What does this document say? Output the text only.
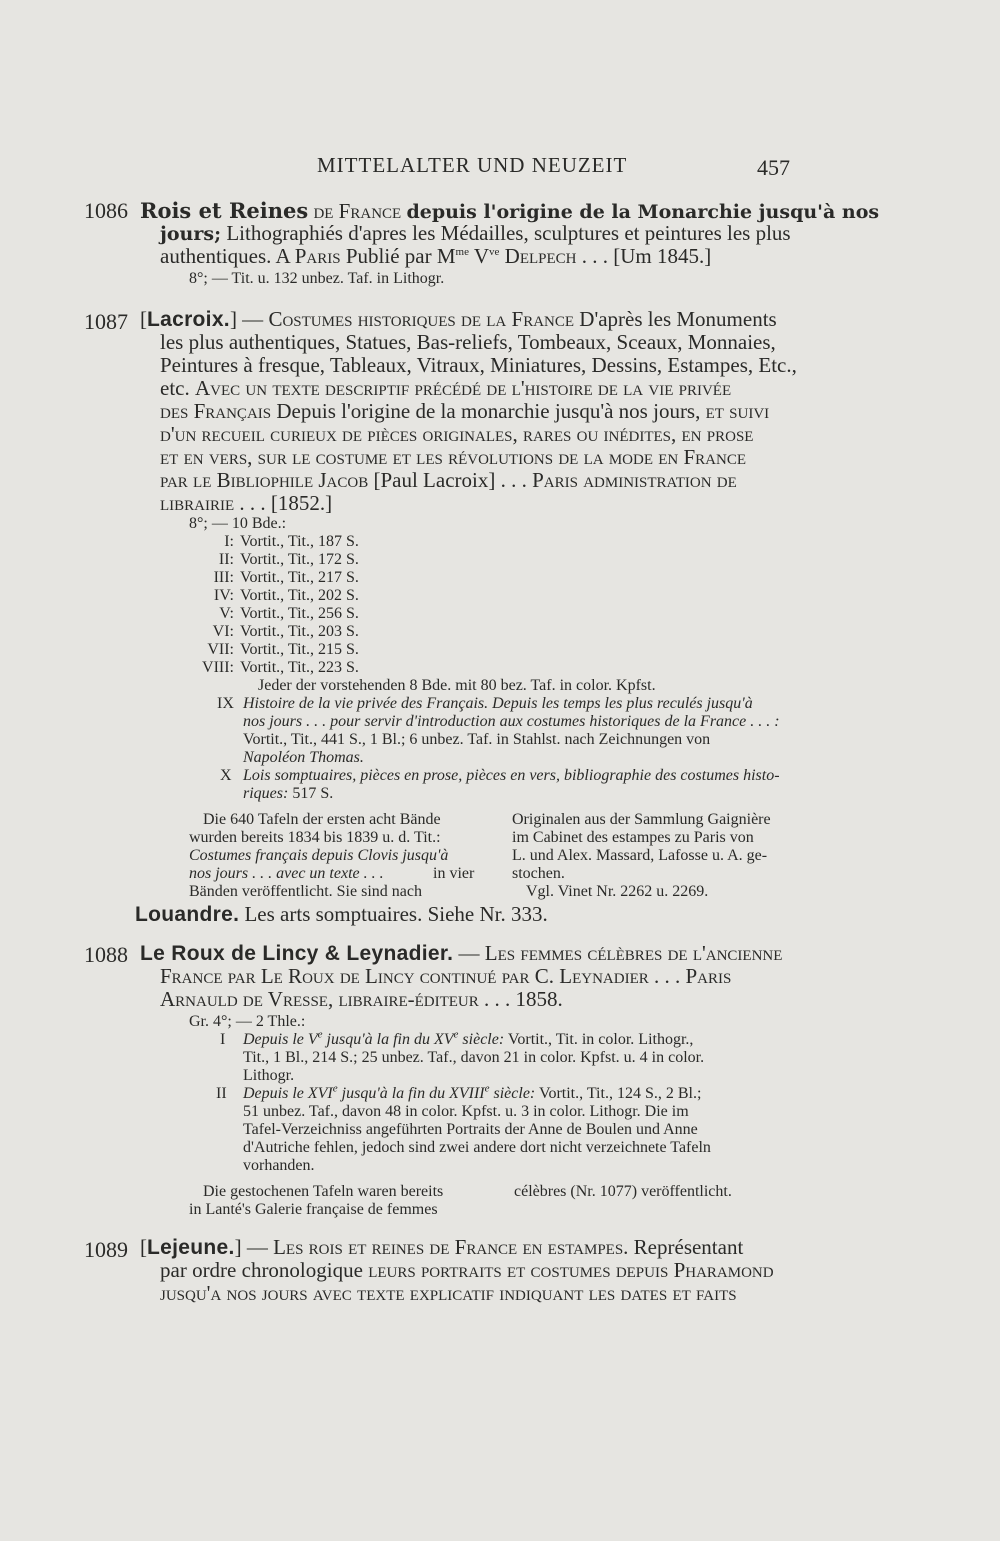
MITTELALTER UND NEUZEIT	457
1086 Rois et Reines de France depuis l'origine de la Monarchie jusqu'à nos
jours; Lithographiés d'apres les Médailles, sculptures et peintures les plus
authentiques. A Paris Publié par $M^{me}$ $V^{ve}$ Delpech . . . [Um 1845.]
8°; — Tit. u. 132 unbez. Taf. in Lithogr.
1087 [Lacroix.] — Costumes historiques de la France D'après les Monuments
les plus authentiques, Statues, Bas-reliefs, Tombeaux, Sceaux, Monnaies,
Peintures à fresque, Tableaux, Vitraux, Miniatures, Dessins, Estampes, Etc.,
etc. Avec un texte descriptif précédé de l'histoire de la vie privée
des Français Depuis l'origine de la monarchie jusqu'à nos jours, et suivi
d'un recueil curieux de pièces originales, rares ou inédites, en prose
et en vers, sur le costume et les révolutions de la mode en France
par le Bibliophile Jacob [Paul Lacroix] . . . Paris administration de
librairie . . . [1852.]
8°; — 10 Bde.:
I: Vortit., Tit., 187 S.
II: Vortit., Tit., 172 S.
III: Vortit., Tit., 217 S.
IV: Vortit., Tit., 202 S.
V: Vortit., Tit., 256 S.
VI: Vortit., Tit., 203 S.
VII: Vortit., Tit., 215 S.
VIII: Vortit., Tit., 223 S.
Jeder der vorstehenden 8 Bde. mit 80 bez. Taf. in color. Kpfst.
IX Histoire de la vie privée des Français. Depuis les temps les plus reculés jusqu'à
nos jours . . . pour servir d'introduction aux costumes historiques de la France . . . :
Vortit., Tit., 441 S., 1 Bl.; 6 unbez. Taf. in Stahlst. nach Zeichnungen von
Napoléon Thomas.
X Lois somptuaires, pièces en prose, pièces en vers, bibliographie des costumes histo-
riques: 517 S.
Die 640 Tafeln der ersten acht Bände
wurden bereits 1834 bis 1839 u. d. Tit.:
Costumes français depuis Clovis jusqu'à
nos jours . . . avec un texte . . .	in vier
Bänden veröffentlicht. Sie sind nach
Originalen aus der Sammlung Gaignière
im Cabinet des estampes zu Paris von
L. und Alex. Massard, Lafosse u. A. ge-
stochen.
Vgl. Vinet Nr. 2262 u. 2269.
Louandre. Les arts somptuaires. Siehe Nr. 333.
1088 Le Roux de Lincy & Leynadier. — Les femmes célèbres de l'ancienne
France par Le Roux de Lincy continué par C. Leynadier . . . Paris
Arnauld de Vresse, libraire-éditeur . . . 1858.
Gr. 4°; — 2 Thle.:
I Depuis le Ve jusqu'à la fin du XVe siècle: Vortit., Tit. in color. Lithogr.,
Tit., 1 Bl., 214 S.; 25 unbez. Taf., davon 21 in color. Kpfst. u. 4 in color.
Lithogr.
II Depuis le XVIe jusqu'à la fin du XVIIIe siècle: Vortit., Tit., 124 S., 2 Bl.;
51 unbez. Taf., davon 48 in color. Kpfst. u. 3 in color. Lithogr. Die im
Tafel-Verzeichniss angeführten Portraits der Anne de Boulen und Anne
d'Autriche fehlen, jedoch sind zwei andere dort nicht verzeichnete Tafeln
vorhanden.
Die gestochenen Tafeln waren bereits
in Lanté's Galerie française de femmes
célèbres (Nr. 1077) veröffentlicht.
1089 [Lejeune.] — Les rois et reines de France en estampes. Représentant
par ordre chronologique leurs portraits et costumes depuis Pharamond
jusqu'a nos jours avec texte explicatif indiquant les dates et faits
